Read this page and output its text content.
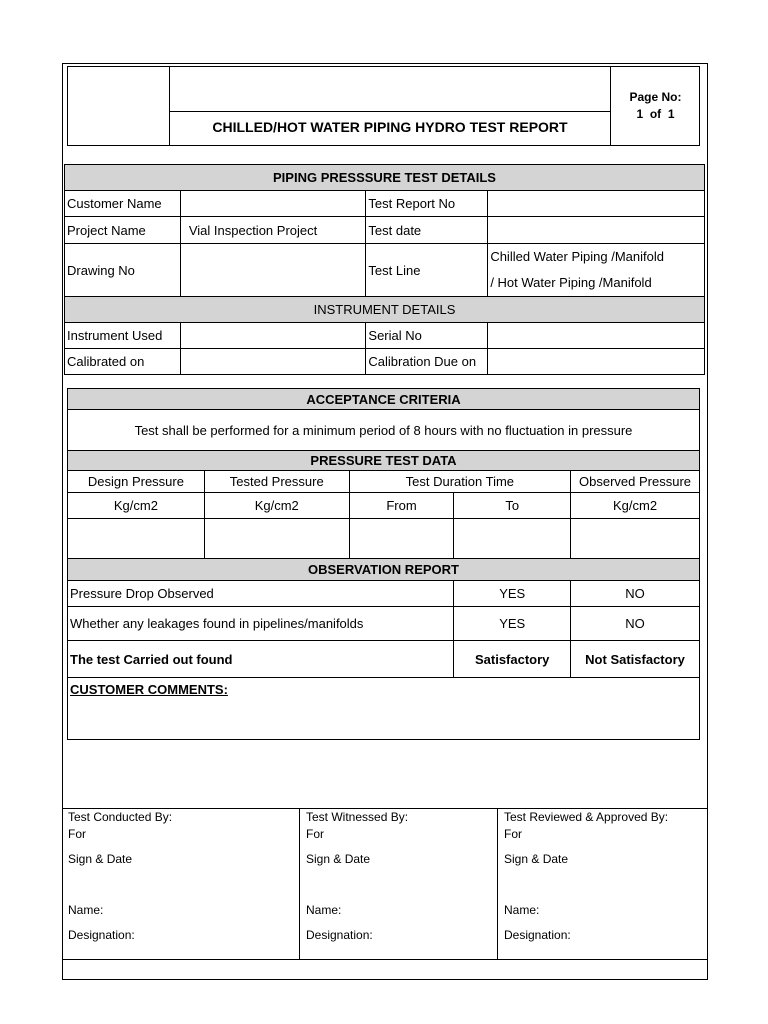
CHILLED/HOT WATER PIPING HYDRO TEST REPORT
Page No:
1  of  1
PIPING PRESSSURE TEST DETAILS			
Customer Name		Test Report No	
Project Name	Vial Inspection Project	Test date	
Drawing No		Test Line	Chilled Water Piping /Manifold
/ Hot Water Piping /Manifold

INSTRUMENT DETAILS			
Instrument Used		Serial No	
Calibrated on		Calibration Due on	
ACCEPTANCE CRITERIA				
Test shall be performed for a minimum period of 8 hours with no fluctuation in pressure				
PRESSURE TEST DATA				
Design Pressure	Tested Pressure	Test Duration Time		Observed Pressure
Kg/cm2	Kg/cm2	From	To	Kg/cm2

OBSERVATION REPORT				
Pressure Drop Observed			YES	NO
Whether any leakages found in pipelines/manifolds			YES	NO
The test Carried out found			Satisfactory	Not Satisfactory
CUSTOMER COMMENTS:				
Test Conducted By:
For
Sign & Date
Name:
Designation:
Test Witnessed By:
For
Sign & Date
Name:
Designation:
Test Reviewed & Approved By:
For
Sign & Date
Name:
Designation:
